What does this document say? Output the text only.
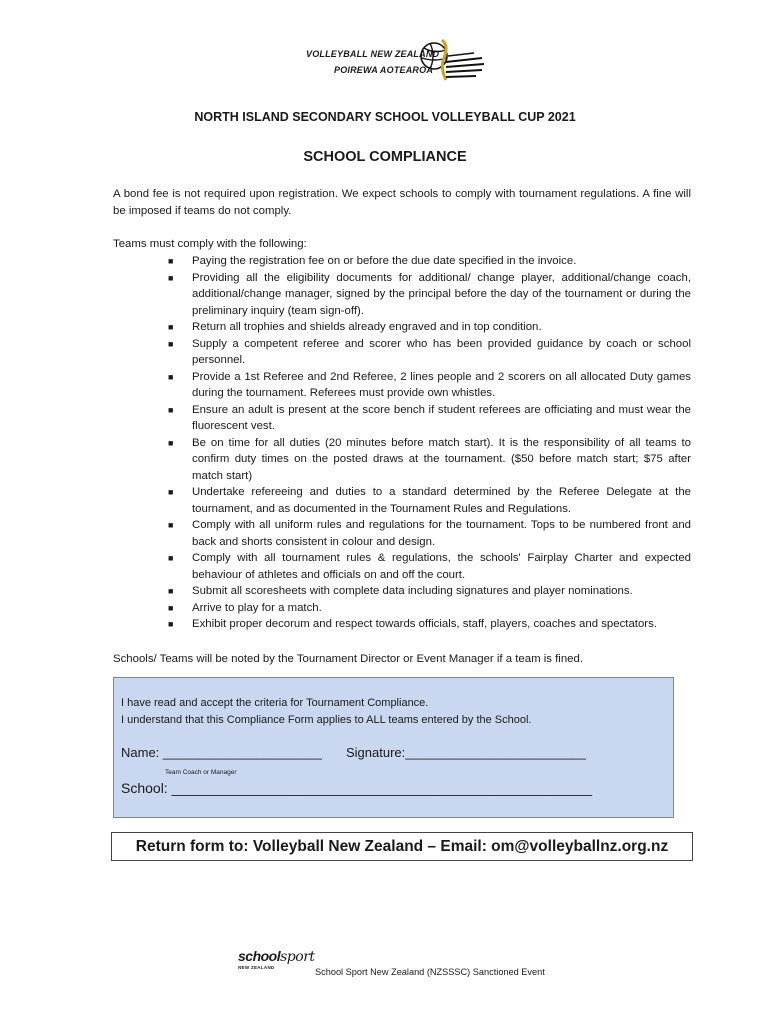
VOLLEYBALL NEW ZEALAND
POIREWA AOTEAROA
NORTH ISLAND SECONDARY SCHOOL VOLLEYBALL CUP 2021
SCHOOL COMPLIANCE
A bond fee is not required upon registration. We expect schools to comply with tournament regulations. A fine will be imposed if teams do not comply.
Teams must comply with the following:
■ Paying the registration fee on or before the due date specified in the invoice.
■ Providing all the eligibility documents for additional/ change player, additional/change coach, additional/change manager, signed by the principal before the day of the tournament or during the preliminary inquiry (team sign-off).
■ Return all trophies and shields already engraved and in top condition.
■ Supply a competent referee and scorer who has been provided guidance by coach or school personnel.
■ Provide a 1st Referee and 2nd Referee, 2 lines people and 2 scorers on all allocated Duty games during the tournament. Referees must provide own whistles.
■ Ensure an adult is present at the score bench if student referees are officiating and must wear the fluorescent vest.
■ Be on time for all duties (20 minutes before match start). It is the responsibility of all teams to confirm duty times on the posted draws at the tournament. ($50 before match start; $75 after match start)
■ Undertake refereeing and duties to a standard determined by the Referee Delegate at the tournament, and as documented in the Tournament Rules and Regulations.
■ Comply with all uniform rules and regulations for the tournament. Tops to be numbered front and back and shorts consistent in colour and design.
■ Comply with all tournament rules & regulations, the schools' Fairplay Charter and expected behaviour of athletes and officials on and off the court.
■ Submit all scoresheets with complete data including signatures and player nominations.
■ Arrive to play for a match.
■ Exhibit proper decorum and respect towards officials, staff, players, coaches and spectators.
Schools/ Teams will be noted by the Tournament Director or Event Manager if a team is fined.
I have read and accept the criteria for Tournament Compliance.
I understand that this Compliance Form applies to ALL teams entered by the School.
Name: ______________________ Signature:_________________________
Team Coach or Manager
School: ______________________________________________________
Return form to: Volleyball New Zealand – Email: om@volleyballnz.org.nz
schoolsport
NEW ZEALAND	School Sport New Zealand (NZSSSC) Sanctioned Event
